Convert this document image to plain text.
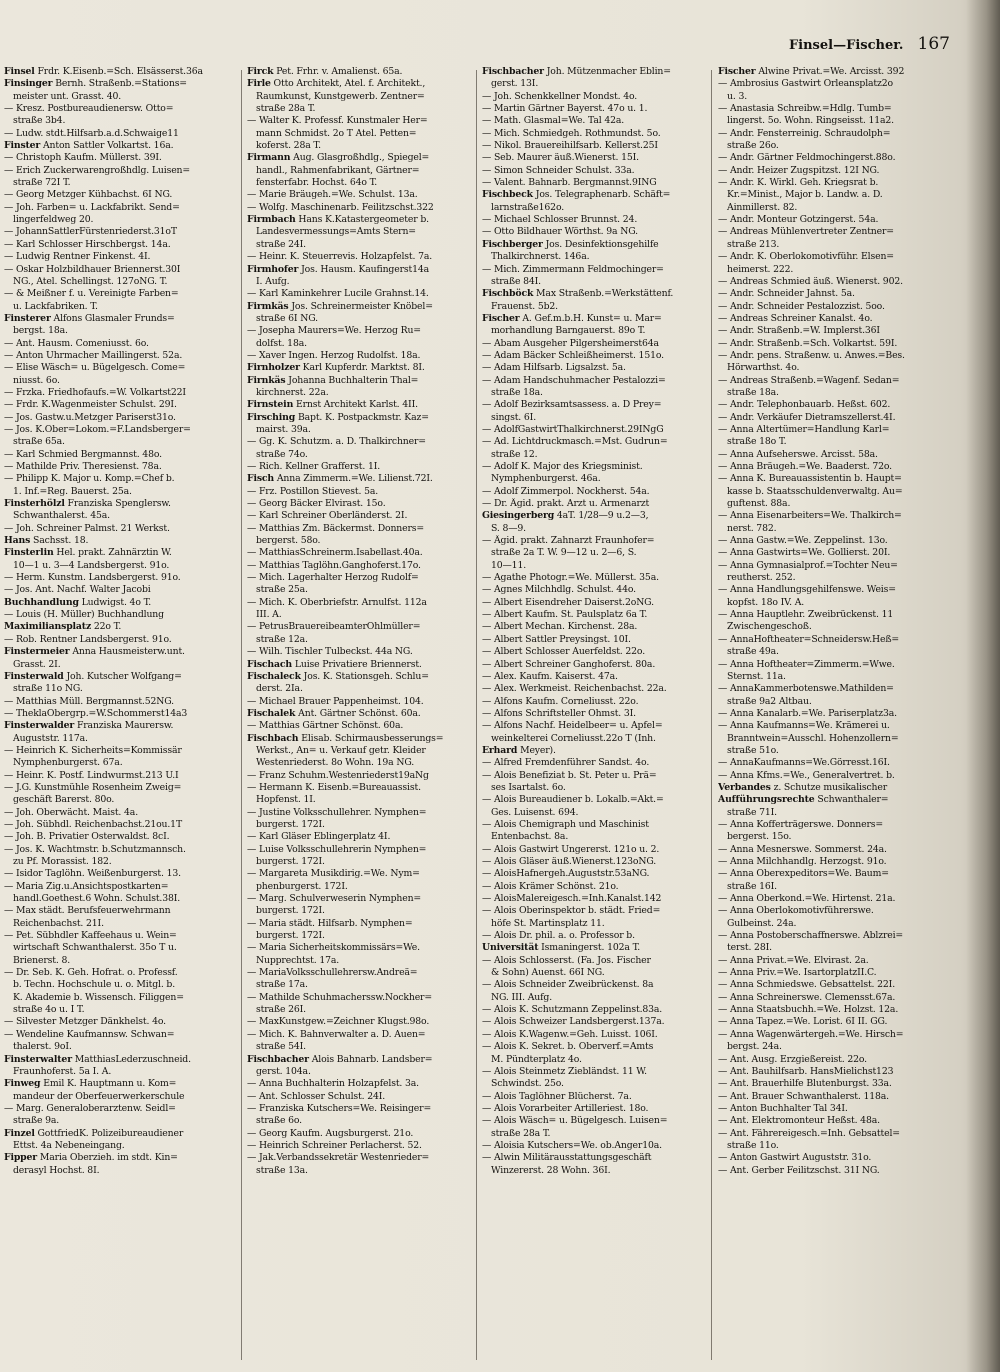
Finsel—Fischer. 167
Finsel Frdr. K.Eisenb.=Sch. Elsässerst.36a
Finsinger Bernh. Straßenb.=Stations=
meister unt. Grasst. 40.
— Kresz. Postbureaudienersw. Otto=
straße 3b4.
— Ludw. stdt.Hilfsarb.a.d.Schwaige11
Finster Anton Sattler Volkartst. 16a.
— Christoph Kaufm. Müllerst. 39I.
— Erich Zuckerwarengroßhdlg. Luisen=
straße 72I T.
— Georg Metzger Kühbachst. 6I NG.
— Joh. Farben= u. Lackfabrikt. Send=
lingerfeldweg 20.
— JohannSattlerFürstenriederst.31oT
— Karl Schlosser Hirschbergst. 14a.
— Ludwig Rentner Finkenst. 4I.
— Oskar Holzbildhauer Briennerst.30I
NG., Atel. Schellingst. 127oNG. T.
— & Meißner f. u. Vereinigte Farben=
u. Lackfabriken. T.
Finsterer Alfons Glasmaler Frunds=
bergst. 18a.
— Ant. Hausm. Comeniusst. 6o.
— Anton Uhrmacher Maillingerst. 52a.
— Elise Wäsch= u. Bügelgesch. Come=
niusst. 6o.
— Frzka. Friedhofaufs.=W. Volkartst22I
— Frdr. K.Wagenmeister Schulst. 29I.
— Jos. Gastw.u.Metzger Pariserst31o.
— Jos. K.Ober=Lokom.=F.Landsberger=
straße 65a.
— Karl Schmied Bergmannst. 48o.
— Mathilde Priv. Theresienst. 78a.
— Philipp K. Major u. Komp.=Chef b.
1. Inf.=Reg. Bauerst. 25a.
Finsterhölzl Franziska Spenglersw.
Schwanthalerst. 45a.
— Joh. Schreiner Palmst. 21 Werkst.
Hans Sachsst. 18.
Finsterlin Hel. prakt. Zahnärztin W.
10—1 u. 3—4 Landsbergerst. 91o.
— Herm. Kunstm. Landsbergerst. 91o.
— Jos. Ant. Nachf. Walter Jacobi
Buchhandlung Ludwigst. 4o T.
— Louis (H. Müller) Buchhandlung
Maximiliansplatz 22o T.
— Rob. Rentner Landsbergerst. 91o.
Finstermeier Anna Hausmeisterw.unt.
Grasst. 2I.
Finsterwald Joh. Kutscher Wolfgang=
straße 11o NG.
— Matthias Müll. Bergmannst.52NG.
— TheklaObergrp.=W.Schommerst14a3
Finsterwalder Franziska Maurersw.
Auguststr. 117a.
— Heinrich K. Sicherheits=Kommissär
Nymphenburgerst. 67a.
— Heinr. K. Postf. Lindwurmst.213 U.I
— J.G. Kunstmühle Rosenheim Zweig=
geschäft Barerst. 80o.
— Joh. Oberwächt. Maist. 4a.
— Joh. Sübhdl. Reichenbachst.21ou.1T
— Joh. B. Privatier Osterwaldst. 8cI.
— Jos. K. Wachtmstr. b.Schutzmannsch.
zu Pf. Morassist. 182.
— Isidor Taglöhn. Weißenburgerst. 13.
— Maria Zig.u.Ansichtspostkarten=
handl.Goethest.6 Wohn. Schulst.38I.
— Max städt. Berufsfeuerwehrmann
Reichenbachst. 21I.
— Pet. Sübhdler Kaffeehaus u. Wein=
wirtschaft Schwanthalerst. 35o T u.
Brienerst. 8.
— Dr. Seb. K. Geh. Hofrat. o. Professf.
b. Techn. Hochschule u. o. Mitgl. b.
K. Akademie b. Wissensch. Filiggen=
straße 4o u. I T.
— Silvester Metzger Dänkhelst. 4o.
— Wendeline Kaufmannsw. Schwan=
thalerst. 9oI.
Finsterwalter MatthiasLederzuschneid.
Fraunhoferst. 5a I. A.
Finweg Emil K. Hauptmann u. Kom=
mandeur der Oberfeuerwerkerschule
— Marg. Generaloberarztenw. Seidl=
straße 9a.
Finzel GottfriedK. Polizeibureaudiener
Ettst. 4a Nebeneingang.
Fipper Maria Oberzieh. im stdt. Kin=
derasyl Hochst. 8I.
Firck Pet. Frhr. v. Amalienst. 65a.
Firle Otto Architekt, Atel. f. Architekt.,
Raumkunst, Kunstgewerb. Zentner=
straße 28a T.
— Walter K. Professf. Kunstmaler Her=
mann Schmidst. 2o T Atel. Petten=
koferst. 28a T.
Firmann Aug. Glasgroßhdlg., Spiegel=
handl., Rahmenfabrikant, Gärtner=
fensterfabr. Hochst. 64o T.
— Marie Bräugeh.=We. Schulst. 13a.
— Wolfg. Maschinenarb. Feilitzschst.322
Firmbach Hans K.Katastergeometer b.
Landesvermessungs=Amts Stern=
straße 24I.
— Heinr. K. Steuerrevis. Holzapfelst. 7a.
Firmhofer Jos. Hausm. Kaufingerst14a
I. Aufg.
— Karl Kaminkehrer Lucile Grahnst.14.
Firmkäs Jos. Schreinermeister Knöbel=
straße 6I NG.
— Josepha Maurers=We. Herzog Ru=
dolfst. 18a.
— Xaver Ingen. Herzog Rudolfst. 18a.
Firnholzer Karl Kupferdr. Marktst. 8I.
Firnkäs Johanna Buchhalterin Thal=
kirchnerst. 22a.
Firnstein Ernst Architekt Karlst. 4II.
Firsching Bapt. K. Postpackmstr. Kaz=
mairst. 39a.
— Gg. K. Schutzm. a. D. Thalkirchner=
straße 74o.
— Rich. Kellner Grafferst. 1I.
Fisch Anna Zimmerm.=We. Lilienst.72I.
— Frz. Postillon Stievest. 5a.
— Georg Bäcker Elvirast. 15o.
— Karl Schreiner Oberländerst. 2I.
— Matthias Zm. Bäckermst. Donners=
bergerst. 58o.
— MatthiasSchreinerm.Isabellast.40a.
— Matthias Taglöhn.Ganghoferst.17o.
— Mich. Lagerhalter Herzog Rudolf=
straße 25a.
— Mich. K. Oberbriefstr. Arnulfst. 112a
III. A.
— PetrusBrauereibeamterOhlmüller=
straße 12a.
— Wilh. Tischler Tulbeckst. 44a NG.
Fischach Luise Privatiere Briennerst.
Fischaleck Jos. K. Stationsgeh. Schlu=
derst. 2Ia.
— Michael Brauer Pappenheimst. 104.
Fischalek Ant. Gärtner Schönst. 60a.
— Matthias Gärtner Schönst. 60a.
Fischbach Elisab. Schirmausbesserungs=
Werkst., An= u. Verkauf getr. Kleider
Westenriederst. 8o Wohn. 19a NG.
— Franz Schuhm.Westenriederst19aNg
— Hermann K. Eisenb.=Bureauassist.
Hopfenst. 1I.
— Justine Volksschullehrer. Nymphen=
burgerst. 172I.
— Karl Gläser Eblingerplatz 4I.
— Luise Volksschullehrerin Nymphen=
burgerst. 172I.
— Margareta Musikdirig.=We. Nym=
phenburgerst. 172I.
— Marg. Schulverweserin Nymphen=
burgerst. 172I.
— Maria städt. Hilfsarb. Nymphen=
burgerst. 172I.
— Maria Sicherheitskommissärs=We.
Nupprechtst. 17a.
— MariaVolksschullehrersw.Andreä=
straße 17a.
— Mathilde Schuhmacherssw.Nockher=
straße 26I.
— MaxKunstgew.=Zeichner Klugst.98o.
— Mich. K. Bahnverwalter a. D. Auen=
straße 54I.
Fischbacher Alois Bahnarb. Landsber=
gerst. 104a.
— Anna Buchhalterin Holzapfelst. 3a.
— Ant. Schlosser Schulst. 24I.
— Franziska Kutschers=We. Reisinger=
straße 6o.
— Georg Kaufm. Augsburgerst. 21o.
— Heinrich Schreiner Perlacherst. 52.
— Jak.Verbandssekretär Westenrieder=
straße 13a.
Fischbacher Joh. Mützenmacher Eblin=
gerst. 13I.
— Joh. Schenkkellner Mondst. 4o.
— Martin Gärtner Bayerst. 47o u. 1.
— Math. Glasmal=We. Tal 42a.
— Mich. Schmiedgeh. Rothmundst. 5o.
— Nikol. Brauereihilfsarb. Kellerst.25I
— Seb. Maurer äuß.Wienerst. 15I.
— Simon Schneider Schulst. 33a.
— Valent. Bahnarb. Bergmannst.9ING
Fischbeck Jos. Telegraphenarb. Schäft=
larnstraße162o.
— Michael Schlosser Brunnst. 24.
— Otto Bildhauer Wörthst. 9a NG.
Fischberger Jos. Desinfektionsgehilfe
Thalkirchnerst. 146a.
— Mich. Zimmermann Feldmochinger=
straße 84I.
Fischböck Max Straßenb.=Werkstättenf.
Frauenst. 5b2.
Fischer A. Gef.m.b.H. Kunst= u. Mar=
morhandlung Barngauerst. 89o T.
— Abam Ausgeher Pilgersheimerst64a
— Adam Bäcker Schleißheimerst. 151o.
— Adam Hilfsarb. Ligsalzst. 5a.
— Adam Handschuhmacher Pestalozzi=
straße 18a.
— Adolf Bezirksamtsassess. a. D Prey=
singst. 6I.
— AdolfGastwirtThalkirchnerst.29INgG
— Ad. Lichtdruckmasch.=Mst. Gudrun=
straße 12.
— Adolf K. Major des Kriegsminist.
Nymphenburgerst. 46a.
— Adolf Zimmerpol. Nockherst. 54a.
— Dr. Ägid. prakt. Arzt u. Armenarzt
Giesingerberg 4aT. 1/28—9 u.2—3,
S. 8—9.
— Ägid. prakt. Zahnarzt Fraunhofer=
straße 2a T. W. 9—12 u. 2—6, S.
10—11.
— Agathe Photogr.=We. Müllerst. 35a.
— Agnes Milchhdlg. Schulst. 44o.
— Albert Eisendreher Daiserst.2oNG.
— Albert Kaufm. St. Paulsplatz 6a T.
— Albert Mechan. Kirchenst. 28a.
— Albert Sattler Preysingst. 10I.
— Albert Schlosser Auerfeldst. 22o.
— Albert Schreiner Ganghoferst. 80a.
— Alex. Kaufm. Kaiserst. 47a.
— Alex. Werkmeist. Reichenbachst. 22a.
— Alfons Kaufm. Corneliusst. 22o.
— Alfons Schriftsteller Ohmst. 3I.
— Alfons Nachf. Heidelbeer= u. Apfel=
weinkelterei Corneliusst.22o T (Inh.
Erhard Meyer).
— Alfred Fremdenführer Sandst. 4o.
— Alois Benefiziat b. St. Peter u. Prä=
ses Isartalst. 6o.
— Alois Bureaudiener b. Lokalb.=Akt.=
Ges. Luisenst. 694.
— Alois Chemigraph und Maschinist
Entenbachst. 8a.
— Alois Gastwirt Ungererst. 121o u. 2.
— Alois Gläser äuß.Wienerst.123oNG.
— AloisHafnergeh.Auguststr.53aNG.
— Alois Krämer Schönst. 21o.
— AloisMalereigesch.=Inh.Kanalst.142
— Alois Oberinspektor b. städt. Fried=
höfe St. Martinsplatz 11.
— Alois Dr. phil. a. o. Professor b.
Universität Ismaningerst. 102a T.
— Alois Schlosserst. (Fa. Jos. Fischer
& Sohn) Auenst. 66I NG.
— Alois Schneider Zweibrückenst. 8a
NG. III. Aufg.
— Alois K. Schutzmann Zeppelinst.83a.
— Alois Schweizer Landsbergerst.137a.
— Alois K.Wagenw.=Geh. Luisst. 106I.
— Alois K. Sekret. b. Oberverf.=Amts
M. Pündterplatz 4o.
— Alois Steinmetz Ziebländst. 11 W.
Schwindst. 25o.
— Alois Taglöhner Blücherst. 7a.
— Alois Vorarbeiter Artilleriest. 18o.
— Alois Wäsch= u. Bügelgesch. Luisen=
straße 28a T.
— Aloisia Kutschers=We. ob.Anger10a.
— Alwin Militärausstattungsgeschäft
Winzererst. 28 Wohn. 36I.
Fischer Alwine Privat.=We. Arcisst. 392
— Ambrosius Gastwirt Orleansplatz2o
u. 3.
— Anastasia Schreibw.=Hdlg. Tumb=
lingerst. 5o. Wohn. Ringseisst. 11a2.
— Andr. Fensterreinig. Schraudolph=
straße 26o.
— Andr. Gärtner Feldmochingerst.88o.
— Andr. Heizer Zugspitzst. 12I NG.
— Andr. K. Wirkl. Geh. Kriegsrat b.
Kr.=Minist., Major b. Landw. a. D.
Ainmillerst. 82.
— Andr. Monteur Gotzingerst. 54a.
— Andreas Mühlenvertreter Zentner=
straße 213.
— Andr. K. Oberlokomotivführ. Elsen=
heimerst. 222.
— Andreas Schmied äuß. Wienerst. 902.
— Andr. Schneider Jahnst. 5a.
— Andr. Schneider Pestalozzist. 5oo.
— Andreas Schreiner Kanalst. 4o.
— Andr. Straßenb.=W. Implerst.36I
— Andr. Straßenb.=Sch. Volkartst. 59I.
— Andr. pens. Straßenw. u. Anwes.=Bes.
Hörwarthst. 4o.
— Andreas Straßenb.=Wagenf. Sedan=
straße 18a.
— Andr. Telephonbauarb. Heßst. 602.
— Andr. Verkäufer Dietramszellerst.4I.
— Anna Altertümer=Handlung Karl=
straße 18o T.
— Anna Aufseherswe. Arcisst. 58a.
— Anna Bräugeh.=We. Baaderst. 72o.
— Anna K. Bureauassistentin b. Haupt=
kasse b. Staatsschuldenverwaltg. Au=
guftenst. 88a.
— Anna Eisenarbeiters=We. Thalkirch=
nerst. 782.
— Anna Gastw.=We. Zeppelinst. 13o.
— Anna Gastwirts=We. Gollierst. 20I.
— Anna Gymnasialprof.=Tochter Neu=
reutherst. 252.
— Anna Handlungsgehilfenswe. Weis=
kopfst. 18o IV. A.
— Anna Hauptlehr. Zweibrückenst. 11
Zwischengeschoß.
— AnnaHoftheater=Schneidersw.Heß=
straße 49a.
— Anna Hoftheater=Zimmerm.=Wwe.
Sternst. 11a.
— AnnaKammerbotenswe.Mathilden=
straße 9a2 Altbau.
— Anna Kanalarb.=We. Pariserplatz3a.
— Anna Kaufmanns=We. Krämerei u.
Branntwein=Ausschl. Hohenzollern=
straße 51o.
— AnnaKaufmanns=We.Görresst.16I.
— Anna Kfms.=We., Generalvertret. b.
Verbandes z. Schutze musikalischer
Aufführungsrechte Schwanthaler=
straße 71I.
— Anna Kofferträgerswe. Donners=
bergerst. 15o.
— Anna Mesnerswe. Sommerst. 24a.
— Anna Milchhandlg. Herzogst. 91o.
— Anna Oberexpeditors=We. Baum=
straße 16I.
— Anna Oberkond.=We. Hirtenst. 21a.
— Anna Oberlokomotivführerswe.
Gulbeinst. 24a.
— Anna Postoberschaffnerswe. Ablzrei=
terst. 28I.
— Anna Privat.=We. Elvirast. 2a.
— Anna Priv.=We. IsartorplatzII.C.
— Anna Schmiedswe. Gebsattelst. 22I.
— Anna Schreinerswe. Clemensst.67a.
— Anna Staatsbuchh.=We. Holzst. 12a.
— Anna Tapez.=We. Lorist. 6I II. GG.
— Anna Wagenwärtergeh.=We. Hirsch=
bergst. 24a.
— Ant. Ausg. Erzgießereist. 22o.
— Ant. Bauhilfsarb. HansMielichst123
— Ant. Brauerhilfe Blutenburgst. 33a.
— Ant. Brauer Schwanthalerst. 118a.
— Anton Buchhalter Tal 34I.
— Ant. Elektromonteur Heßst. 48a.
— Ant. Fährereigesch.=Inh. Gebsattel=
straße 11o.
— Anton Gastwirt Auguststr. 31o.
— Ant. Gerber Feilitzschst. 31I NG.
